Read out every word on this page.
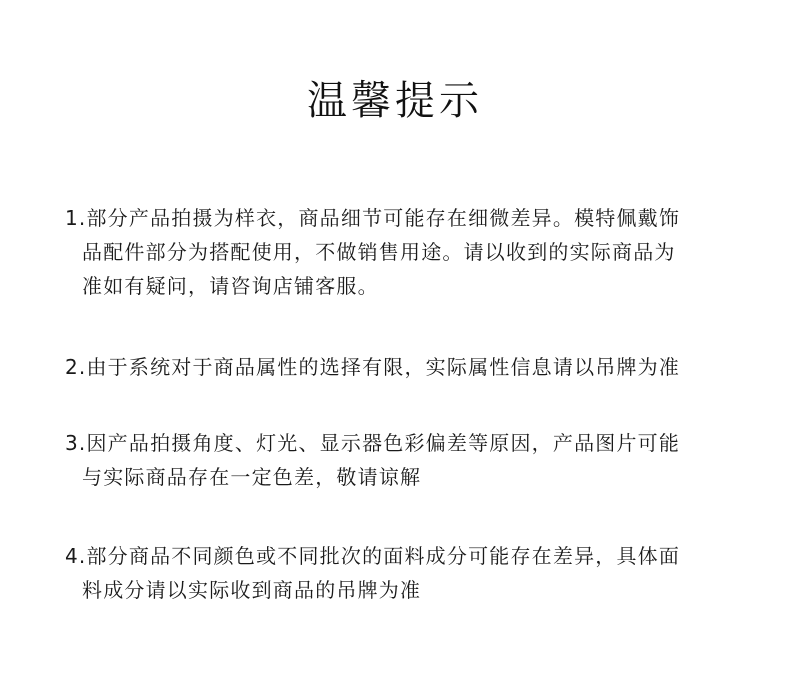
温馨提示
1.部分产品拍摄为样衣，商品细节可能存在细微差异。模特佩戴饰
品配件部分为搭配使用，不做销售用途。请以收到的实际商品为
准如有疑问，请咨询店铺客服。
2.由于系统对于商品属性的选择有限，实际属性信息请以吊牌为准
3.因产品拍摄角度、灯光、显示器色彩偏差等原因，产品图片可能
与实际商品存在一定色差，敬请谅解
4.部分商品不同颜色或不同批次的面料成分可能存在差异，具体面
料成分请以实际收到商品的吊牌为准
